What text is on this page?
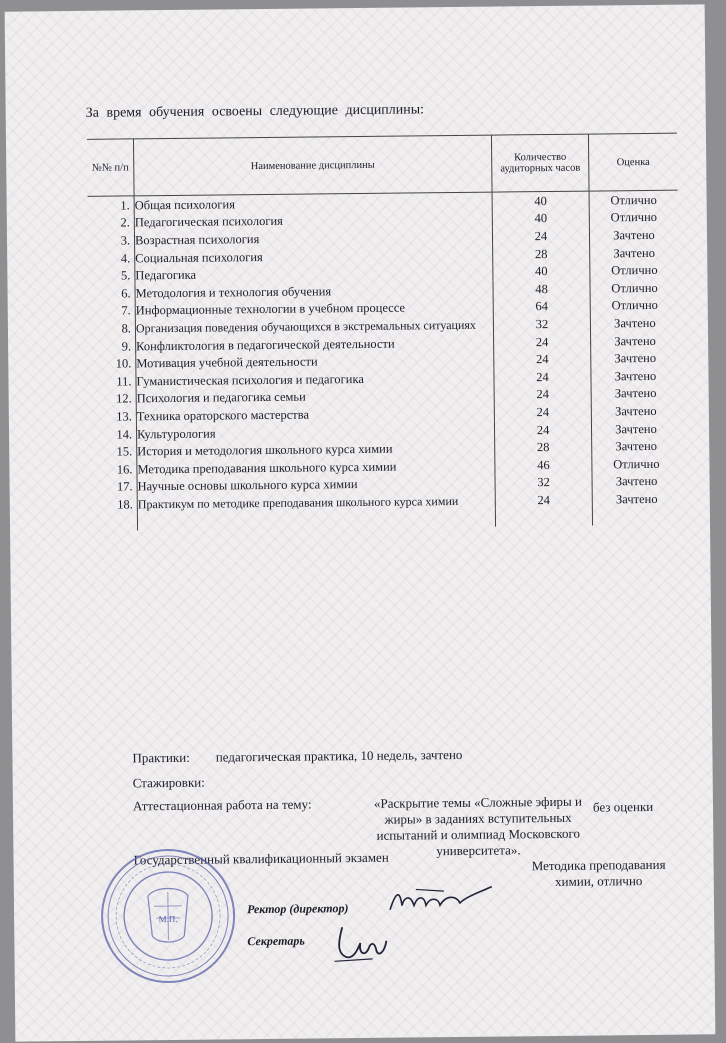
За время обучения освоены следующие дисциплины:
№№ п/п	Наименование дисциплины	Количество аудиторных часов	Оценка
1.	Общая психология	40	Отлично
2.	Педагогическая психология	40	Отлично
3.	Возрастная психология	24	Зачтено
4.	Социальная психология	28	Зачтено
5.	Педагогика	40	Отлично
6.	Методология и технология обучения	48	Отлично
7.	Информационные технологии в учебном процессе	64	Отлично
8.	Организация поведения обучающихся в экстремальных ситуациях	32	Зачтено
9.	Конфликтология в педагогической деятельности	24	Зачтено
10.	Мотивация учебной деятельности	24	Зачтено
11.	Гуманистическая психология и педагогика	24	Зачтено
12.	Психология и педагогика семьи	24	Зачтено
13.	Техника ораторского мастерства	24	Зачтено
14.	Культурология	24	Зачтено
15.	История и методология школьного курса химии	28	Зачтено
16.	Методика преподавания школьного курса химии	46	Отлично
17.	Научные основы школьного курса химии	32	Зачтено
18.	Практикум по методике преподавания школьного курса химии	24	Зачтено

Практики: педагогическая практика, 10 недель, зачтено
Стажировки:
Аттестационная работа на тему:	«Раскрытие темы «Сложные эфиры и жиры» в заданиях вступительных испытаний и олимпиад Московского университета».
без оценки
Государственный квалификационный экзамен	Методика преподавания химии, отлично
Ректор (директор)
Секретарь
М.П.
